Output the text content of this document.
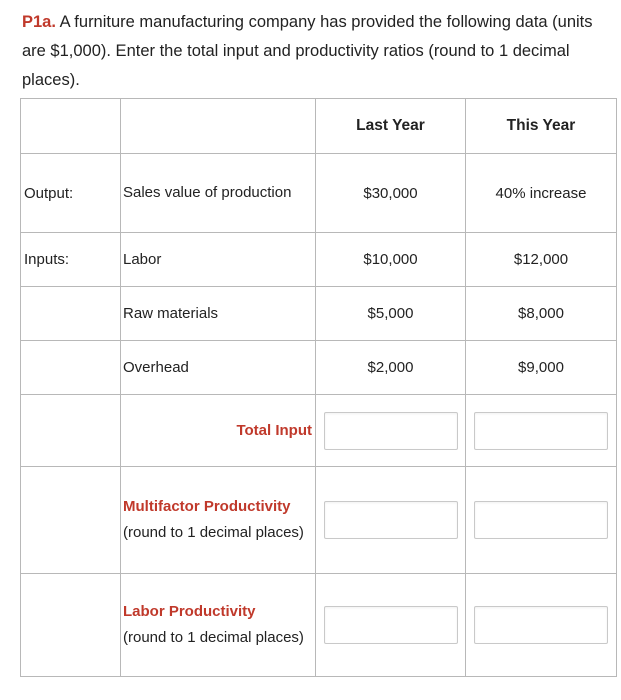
P1a. A furniture manufacturing company has provided the following data (units are $1,000). Enter the total input and productivity ratios (round to 1 decimal places).
		Last Year	This Year
Output:	Sales value of production	$30,000	40% increase
Inputs:	Labor	$10,000	$12,000
	Raw materials	$5,000	$8,000
	Overhead	$2,000	$9,000
	Total Input	

	Multifactor Productivity
(round to 1 decimal places)	

	Labor Productivity
(round to 1 decimal places)	
